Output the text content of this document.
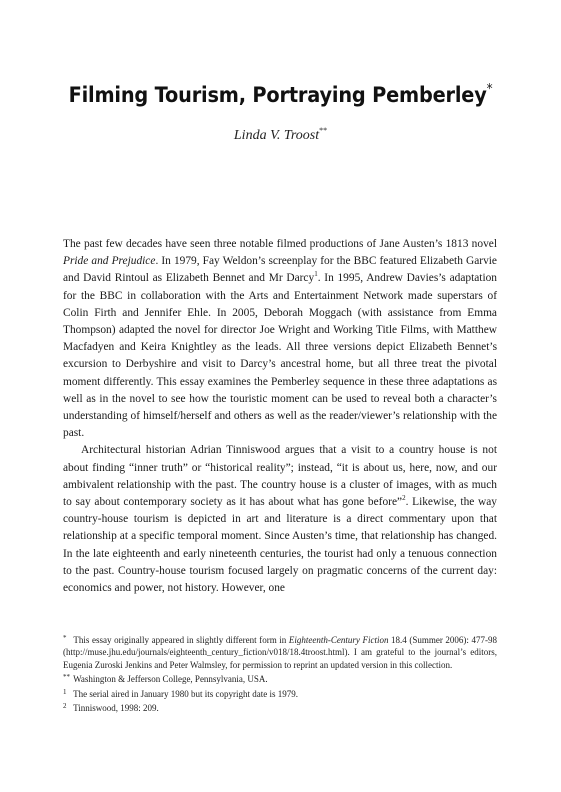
Filming Tourism, Portraying Pemberley*
Linda V. Troost**

The past few decades have seen three notable filmed productions of Jane Austen’s 1813 novel Pride and Prejudice. In 1979, Fay Weldon’s screenplay for the BBC featured Elizabeth Garvie and David Rintoul as Elizabeth Bennet and Mr Darcy$^1$. In 1995, Andrew Davies’s adaptation for the BBC in collaboration with the Arts and Entertainment Network made superstars of Colin Firth and Jennifer Ehle. In 2005, Deborah Moggach (with assistance from Emma Thompson) adapted the novel for director Joe Wright and Working Title Films, with Matthew Macfadyen and Keira Knightley as the leads. All three versions depict Elizabeth Bennet’s excursion to Derbyshire and visit to Darcy’s ancestral home, but all three treat the pivotal moment differently. This essay examines the Pemberley sequence in these three adaptations as well as in the novel to see how the touristic moment can be used to reveal both a character’s understanding of himself/herself and others as well as the reader/viewer’s relationship with the past.

Architectural historian Adrian Tinniswood argues that a visit to a country house is not about finding “inner truth” or “historical reality”; instead, “it is about us, here, now, and our ambivalent relationship with the past. The country house is a cluster of images, with as much to say about contemporary society as it has about what has gone before”$^2$. Likewise, the way country-house tourism is depicted in art and literature is a direct commentary upon that relationship at a specific temporal moment. Since Austen’s time, that relationship has changed. In the late eighteenth and early nineteenth centuries, the tourist had only a tenuous connection to the past. Country-house tourism focused largely on pragmatic concerns of the current day: economics and power, not history. However, one

* This essay originally appeared in slightly different form in Eighteenth-Century Fiction 18.4 (Summer 2006): 477-98 (http://muse.jhu.edu/journals/eighteenth_century_fiction/v018/18.4troost.html). I am grateful to the journal’s editors, Eugenia Zuroski Jenkins and Peter Walmsley, for permission to reprint an updated version in this collection.

** Washington & Jefferson College, Pennsylvania, USA.

1 The serial aired in January 1980 but its copyright date is 1979.

2 Tinniswood, 1998: 209.
